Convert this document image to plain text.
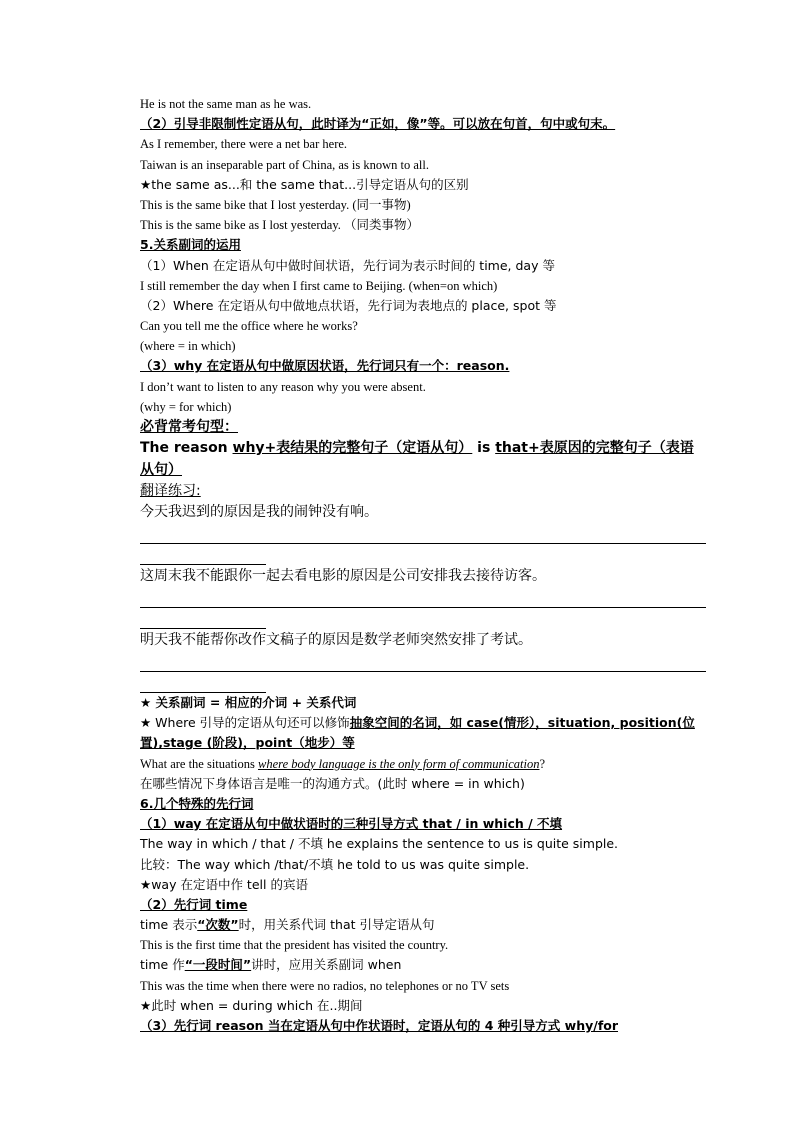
He is not the same man as he was.
（2）引导非限制性定语从句，此时译为“正如，像”等。可以放在句首，句中或句末。
As I remember, there were a net bar here.
Taiwan is an inseparable part of China, as is known to all.
★the same as...和 the same that...引导定语从句的区别
This is the same bike that I lost yesterday. (同一事物)
This is the same bike as I lost yesterday. （同类事物）
5.关系副词的运用
（1）When 在定语从句中做时间状语，先行词为表示时间的 time, day 等
I still remember the day when I first came to Beijing. (when=on which)
（2）Where 在定语从句中做地点状语，先行词为表地点的 place, spot 等
Can you tell me the office where he works?
(where = in which)
（3）why 在定语从句中做原因状语，先行词只有一个：reason.
I don’t want to listen to any reason why you were absent.
(why = for which)
必背常考句型：
The reason why+表结果的完整句子（定语从句） is that+表原因的完整句子（表语从句）
翻译练习:
今天我迟到的原因是我的闹钟没有响。
这周末我不能跟你一起去看电影的原因是公司安排我去接待访客。
明天我不能帮你改作文稿子的原因是数学老师突然安排了考试。
★ 关系副词 = 相应的介词 + 关系代词
★ Where 引导的定语从句还可以修饰抽象空间的名词，如 case(情形），situation, position(位置),stage (阶段)，point（地步）等
What are the situations where body language is the only form of communication?
在哪些情况下身体语言是唯一的沟通方式。(此时 where = in which)
6.几个特殊的先行词
（1）way 在定语从句中做状语时的三种引导方式 that / in which / 不填
The way in which / that / 不填 he explains the sentence to us is quite simple.
比较：The way which /that/不填 he told to us was quite simple.
★way 在定语中作 tell 的宾语
（2）先行词 time
time 表示“次数”时，用关系代词 that 引导定语从句
This is the first time that the president has visited the country.
time 作“一段时间”讲时，应用关系副词 when
This was the time when there were no radios, no telephones or no TV sets
★此时 when = during which 在..期间
（3）先行词 reason 当在定语从句中作状语时，定语从句的 4 种引导方式 why/for
